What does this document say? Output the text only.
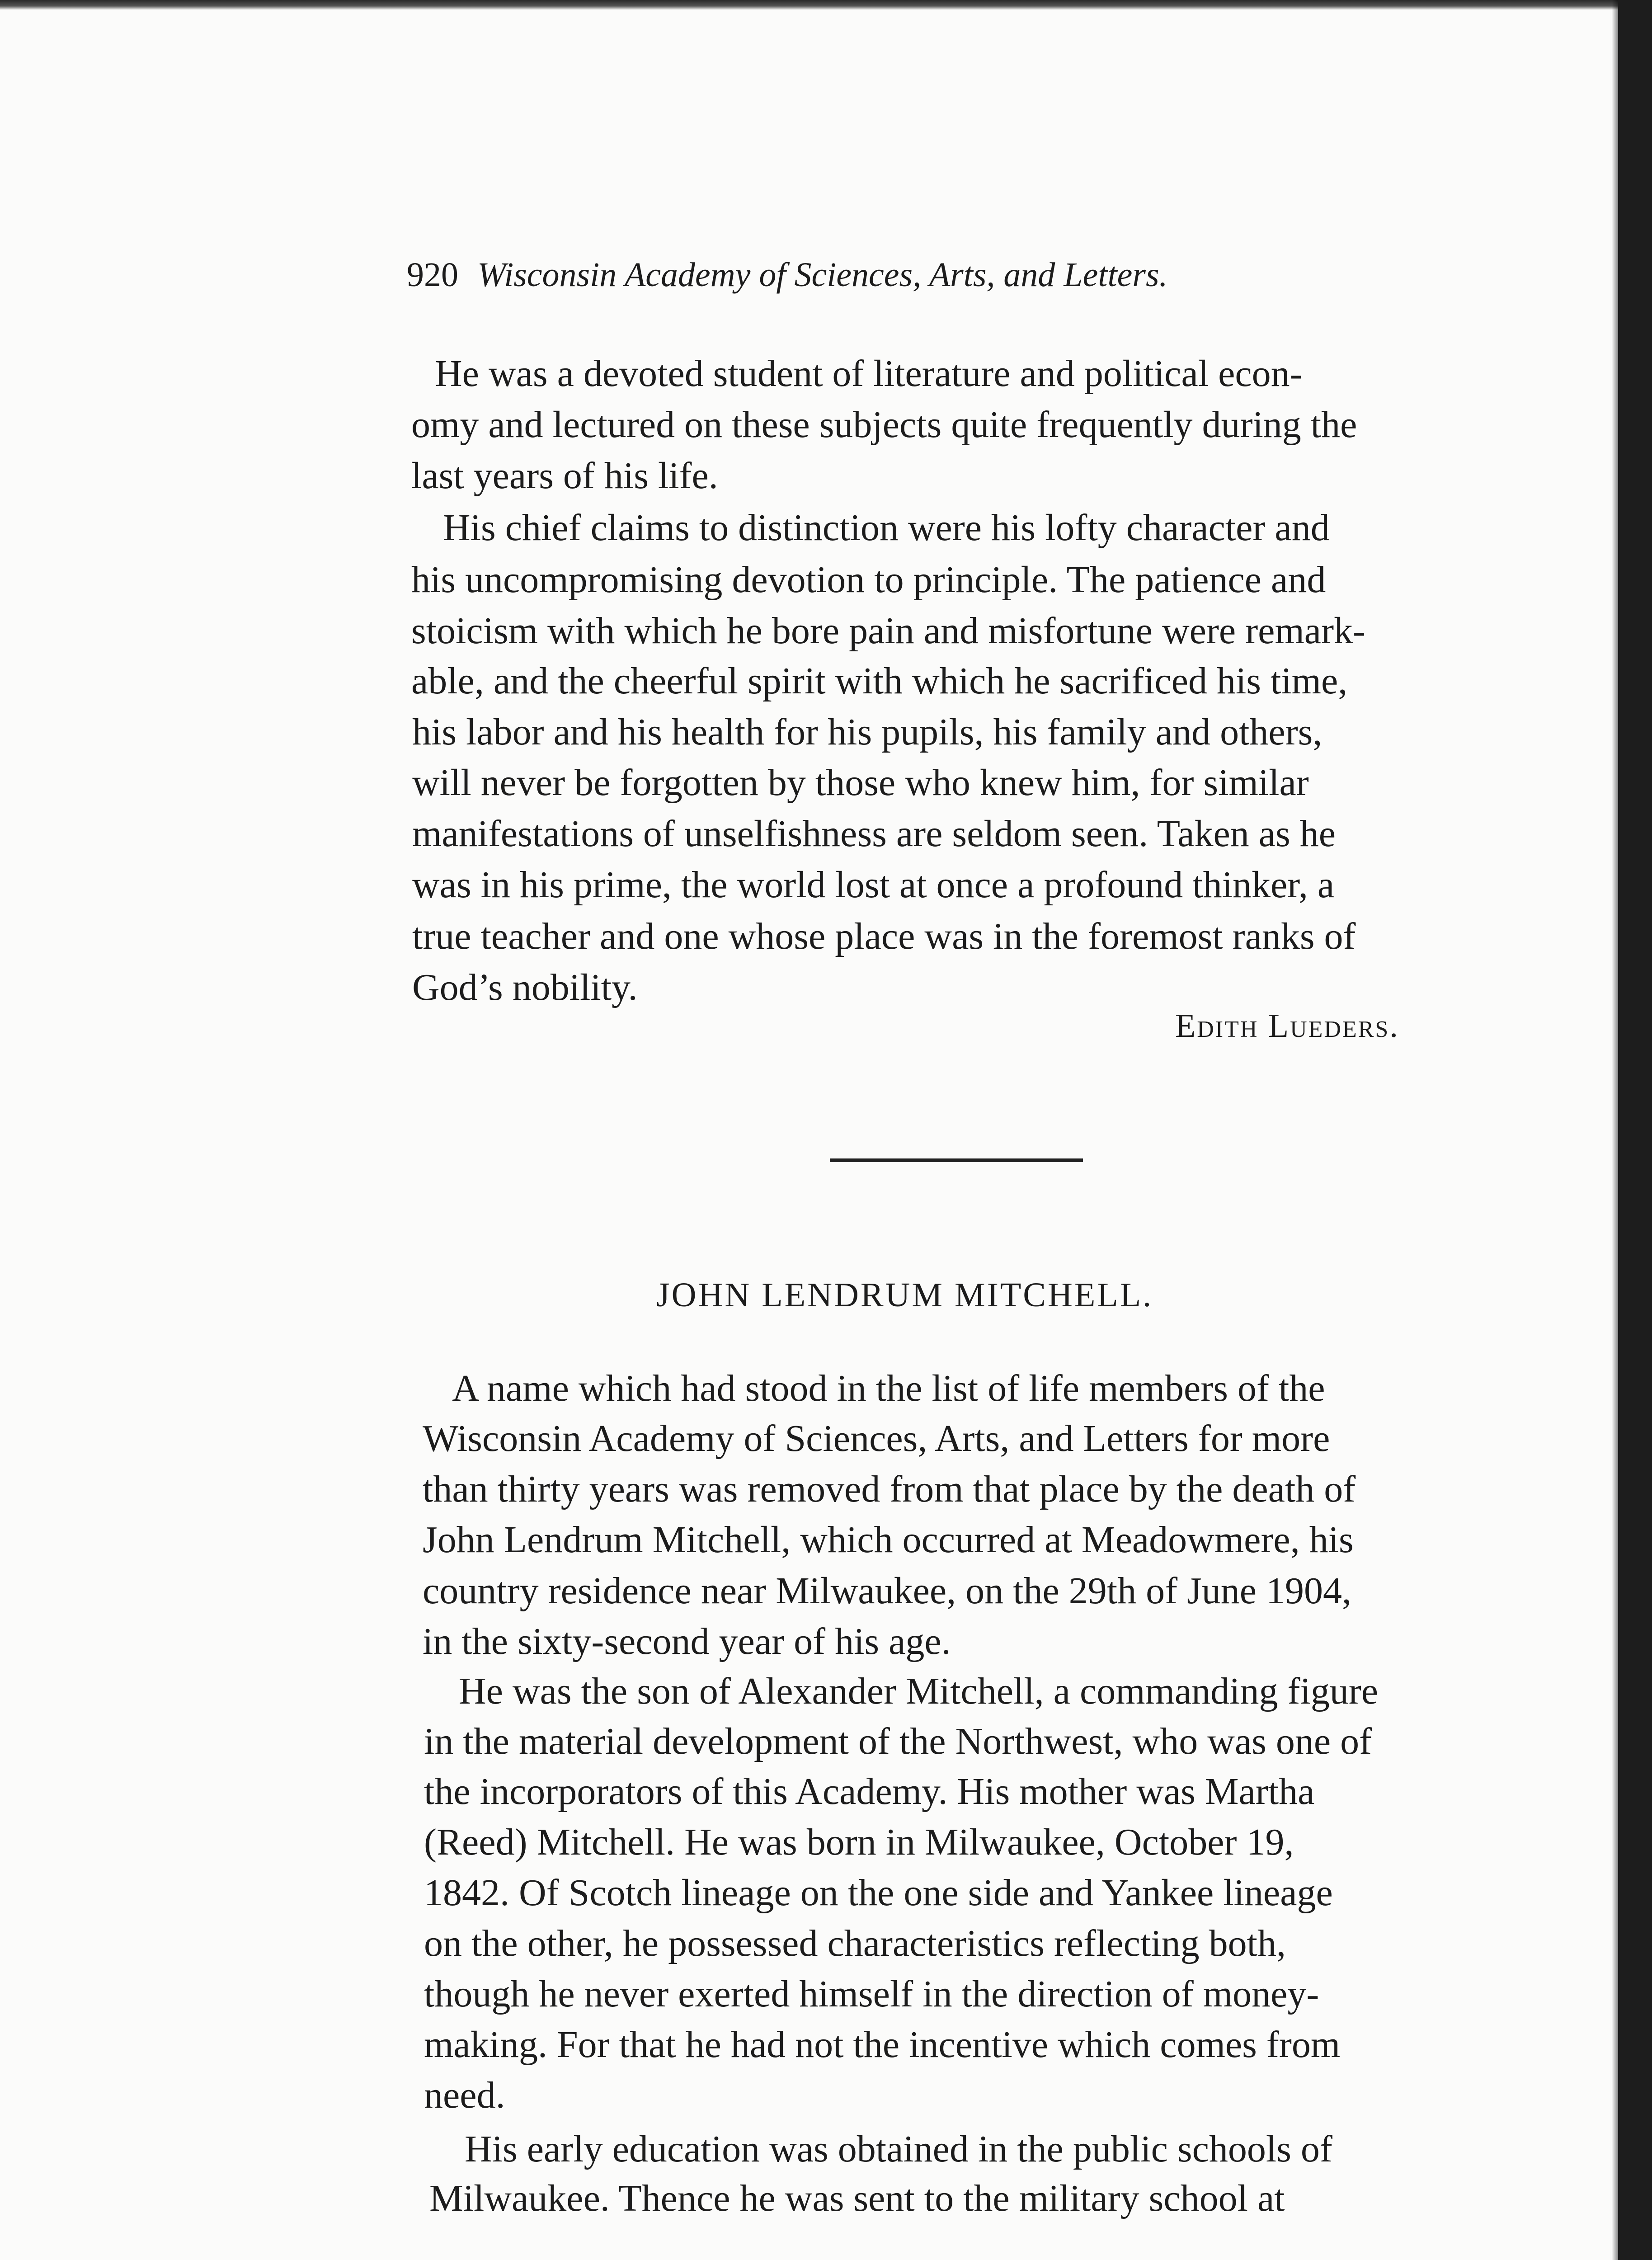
920 Wisconsin Academy of Sciences, Arts, and Letters.
He was a devoted student of literature and political econ-
omy and lectured on these subjects quite frequently during the
last years of his life.
His chief claims to distinction were his lofty character and
his uncompromising devotion to principle. The patience and
stoicism with which he bore pain and misfortune were remark-
able, and the cheerful spirit with which he sacrificed his time,
his labor and his health for his pupils, his family and others,
will never be forgotten by those who knew him, for similar
manifestations of unselfishness are seldom seen. Taken as he
was in his prime, the world lost at once a profound thinker, a
true teacher and one whose place was in the foremost ranks of
God’s nobility.
Edith Lueders.
JOHN LENDRUM MITCHELL.
A name which had stood in the list of life members of the
Wisconsin Academy of Sciences, Arts, and Letters for more
than thirty years was removed from that place by the death of
John Lendrum Mitchell, which occurred at Meadowmere, his
country residence near Milwaukee, on the 29th of June 1904,
in the sixty-second year of his age.
He was the son of Alexander Mitchell, a commanding figure
in the material development of the Northwest, who was one of
the incorporators of this Academy. His mother was Martha
(Reed) Mitchell. He was born in Milwaukee, October 19,
1842. Of Scotch lineage on the one side and Yankee lineage
on the other, he possessed characteristics reflecting both,
though he never exerted himself in the direction of money-
making. For that he had not the incentive which comes from
need.
His early education was obtained in the public schools of
Milwaukee. Thence he was sent to the military school at
